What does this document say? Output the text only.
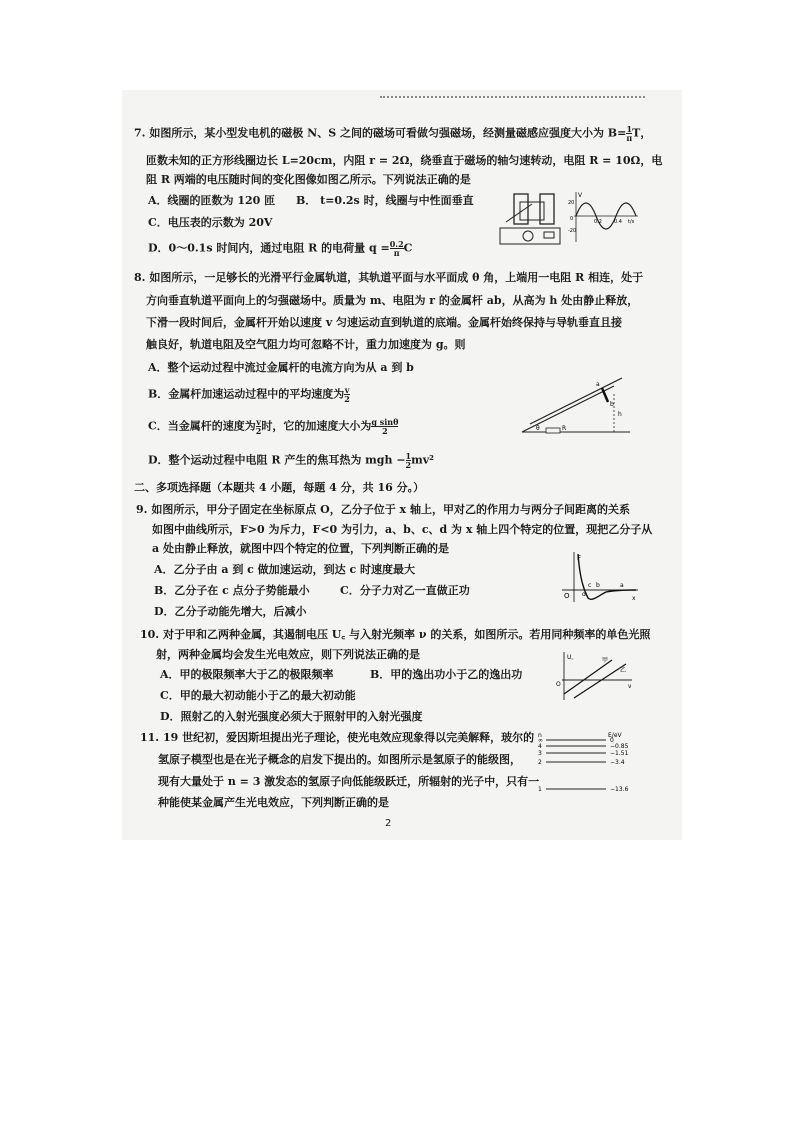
7. 如图所示，某小型发电机的磁极 N、S 之间的磁场可看做匀强磁场，经测量磁感应强度大小为 $B= \frac{1}{\pi}$ T，
匝数未知的正方形线圈边长 L=20cm，内阻 r = 2Ω，绕垂直于磁场的轴匀速转动，电阻 R = 10Ω，电
阻 R 两端的电压随时间的变化图像如图乙所示。下列说法正确的是
A．线圈的匝数为 120 匝 B． t=0.2s 时，线圈与中性面垂直
C．电压表的示数为 20V
D．0～0.1s 时间内，通过电阻 R 的电荷量 $q = \frac{0.2}{\pi}$ C
V
20
-20
0.2 0.4 t/s
0
8. 如图所示，一足够长的光滑平行金属轨道，其轨道平面与水平面成 θ 角，上端用一电阻 R 相连，处于
方向垂直轨道平面向上的匀强磁场中。质量为 m、电阻为 r 的金属杆 ab，从高为 h 处由静止释放，
下滑一段时间后，金属杆开始以速度 v 匀速运动直到轨道的底端。金属杆始终保持与导轨垂直且接
触良好，轨道电阻及空气阻力均可忽略不计，重力加速度为 g。则
A．整个运动过程中流过金属杆的电流方向为从 a 到 b
B．金属杆加速运动过程中的平均速度为 $\frac{v}{2}$
C．当金属杆的速度为 $\frac{v}{2}$ 时，它的加速度大小为 $\frac{\text{g sinθ}}{2}$
D．整个运动过程中电阻 R 产生的焦耳热为 mgh − $\frac{1}{2} mv^2$
a
b
h
R
θ
二、多项选择题（本题共 4 小题，每题 4 分，共 16 分。）
9. 如图所示，甲分子固定在坐标原点 O，乙分子位于 x 轴上，甲对乙的作用力与两分子间距离的关系
如图中曲线所示，F>0 为斥力，F<0 为引力，a、b、c、d 为 x 轴上四个特定的位置，现把乙分子从
a 处由静止释放，就图中四个特定的位置，下列判断正确的是
A．乙分子由 a 到 c 做加速运动，到达 c 时速度最大
B．乙分子在 c 点分子势能最小	C．分子力对乙一直做正功
D．乙分子动能先增大，后减小
F
O d
c b	a
x
10. 对于甲和乙两种金属，其遏制电压 U꜀ 与入射光频率 ν 的关系，如图所示。若用同种频率的单色光照
射，两种金属均会发生光电效应，则下列说法正确的是
A．甲的极限频率大于乙的极限频率	B．甲的逸出功小于乙的逸出功
C．甲的最大初动能小于乙的最大初动能
D．照射乙的入射光强度必须大于照射甲的入射光强度
U꜀	甲
乙
ν
O
11. 19 世纪初，爱因斯坦提出光子理论，使光电效应现象得以完美解释，玻尔的
氢原子模型也是在光子概念的启发下提出的。如图所示是氢原子的能级图，
现有大量处于 n = 3 激发态的氢原子向低能级跃迁，所辐射的光子中，只有一
种能使某金属产生光电效应，下列判断正确的是
n	E/eV
∞	0
4	−0.85
3	−1.51
2	−3.4
1	−13.6
2
